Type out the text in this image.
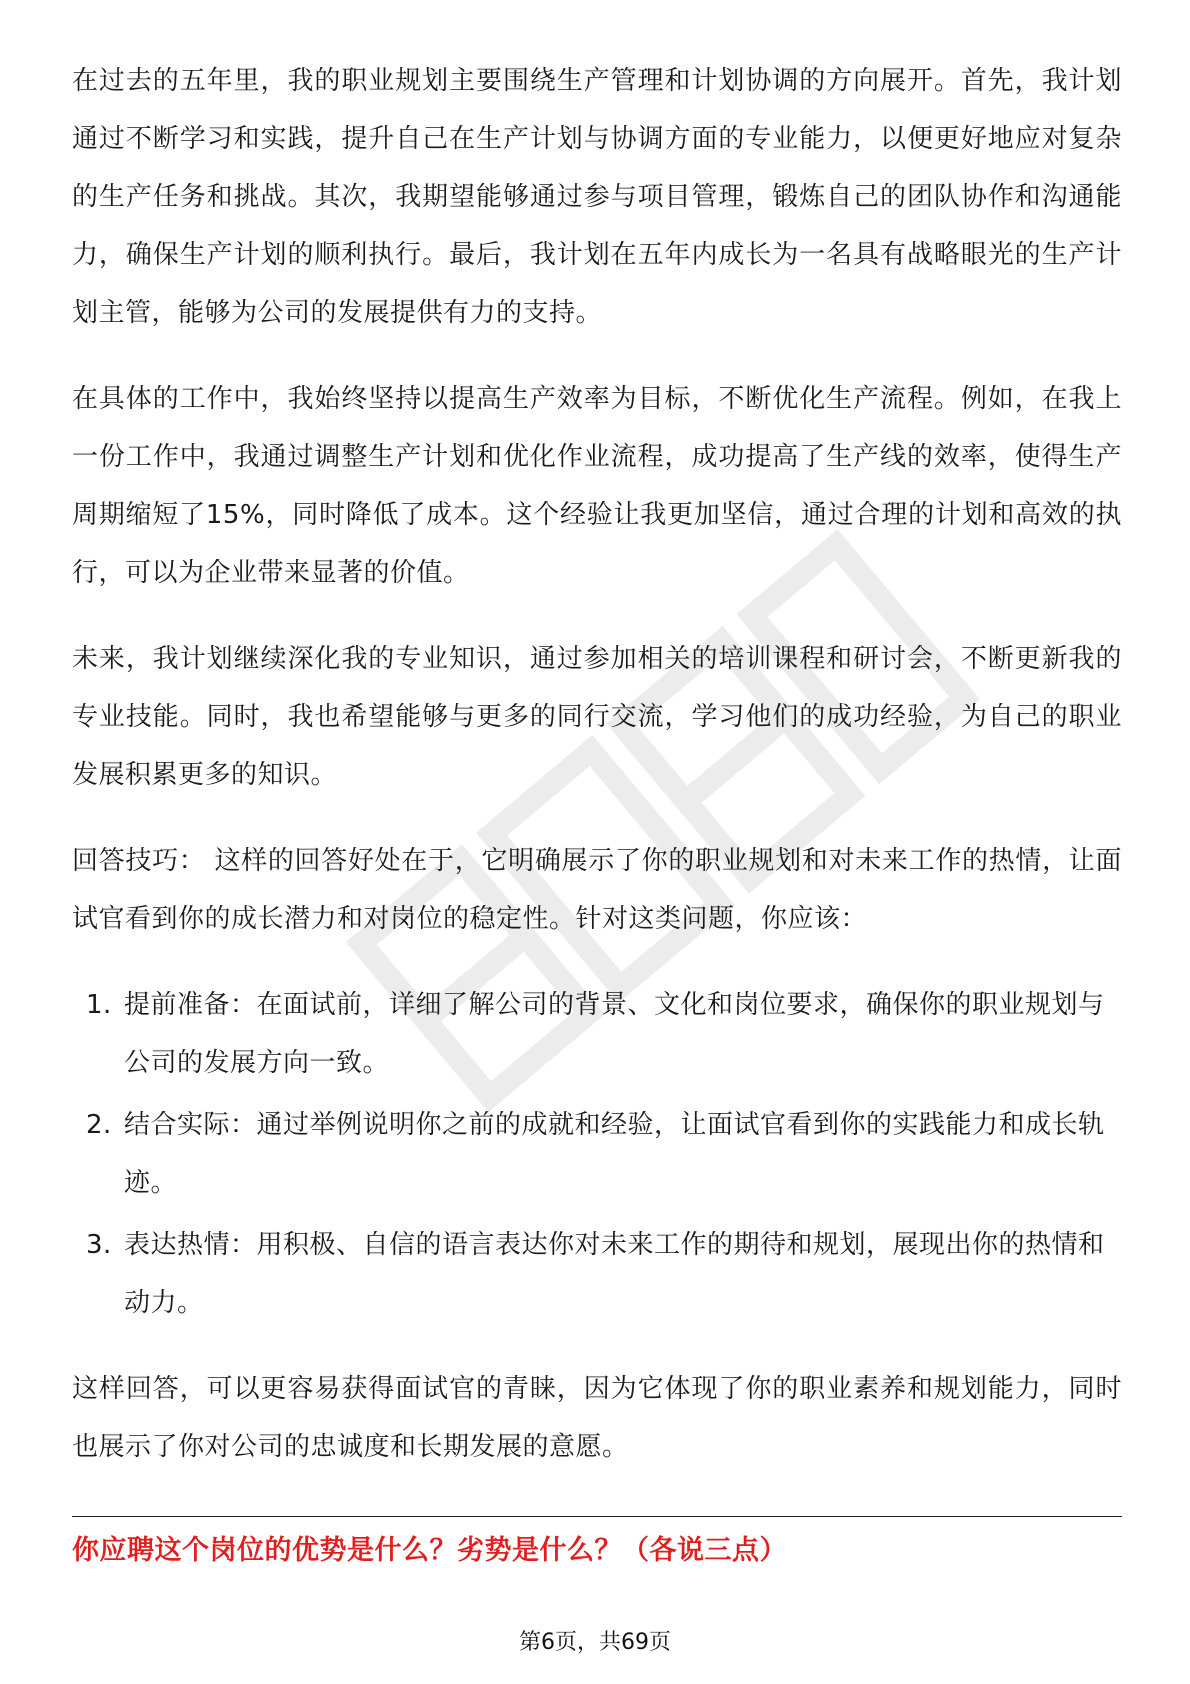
在过去的五年里，我的职业规划主要围绕生产管理和计划协调的方向展开。首先，我计划通过不断学习和实践，提升自己在生产计划与协调方面的专业能力，以便更好地应对复杂的生产任务和挑战。其次，我期望能够通过参与项目管理，锻炼自己的团队协作和沟通能力，确保生产计划的顺利执行。最后，我计划在五年内成长为一名具有战略眼光的生产计划主管，能够为公司的发展提供有力的支持。

在具体的工作中，我始终坚持以提高生产效率为目标，不断优化生产流程。例如，在我上一份工作中，我通过调整生产计划和优化作业流程，成功提高了生产线的效率，使得生产周期缩短了15%，同时降低了成本。这个经验让我更加坚信，通过合理的计划和高效的执行，可以为企业带来显著的价值。

未来，我计划继续深化我的专业知识，通过参加相关的培训课程和研讨会，不断更新我的专业技能。同时，我也希望能够与更多的同行交流，学习他们的成功经验，为自己的职业发展积累更多的知识。

回答技巧： 这样的回答好处在于，它明确展示了你的职业规划和对未来工作的热情，让面试官看到你的成长潜力和对岗位的稳定性。针对这类问题，你应该：

1. 提前准备：在面试前，详细了解公司的背景、文化和岗位要求，确保你的职业规划与公司的发展方向一致。
2. 结合实际：通过举例说明你之前的成就和经验，让面试官看到你的实践能力和成长轨迹。
3. 表达热情：用积极、自信的语言表达你对未来工作的期待和规划，展现出你的热情和动力。

这样回答，可以更容易获得面试官的青睐，因为它体现了你的职业素养和规划能力，同时也展示了你对公司的忠诚度和长期发展的意愿。

你应聘这个岗位的优势是什么？劣势是什么？（各说三点）
第6页，共69页
